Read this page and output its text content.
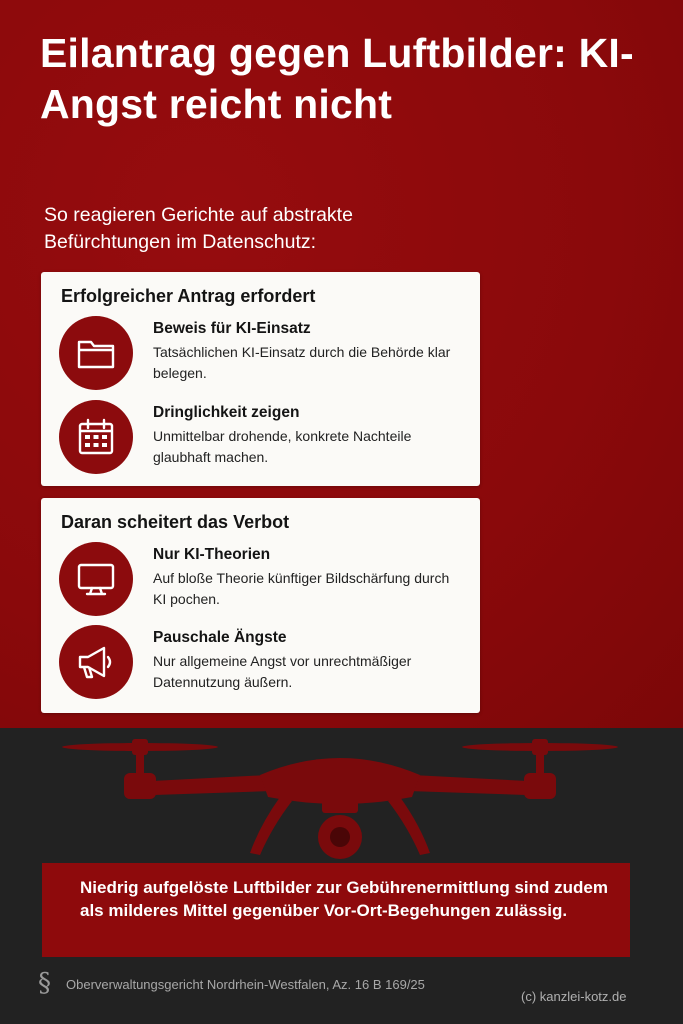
Eilantrag gegen Luftbilder: KI-Angst reicht nicht

So reagieren Gerichte auf abstrakte Befürchtungen im Datenschutz:

Erfolgreicher Antrag erfordert
Beweis für KI-Einsatz
Tatsächlichen KI-Einsatz durch die Behörde klar belegen.
Dringlichkeit zeigen
Unmittelbar drohende, konkrete Nachteile glaubhaft machen.
Daran scheitert das Verbot
Nur KI-Theorien
Auf bloße Theorie künftiger Bildschärfung durch KI pochen.
Pauschale Ängste
Nur allgemeine Angst vor unrechtmäßiger Datennutzung äußern.
Niedrig aufgelöste Luftbilder zur Gebührenermittlung sind zudem als milderes Mittel gegenüber Vor-Ort-Begehungen zulässig.
§ Oberverwaltungsgericht Nordrhein-Westfalen, Az. 16 B 169/25
(c) kanzlei-kotz.de
